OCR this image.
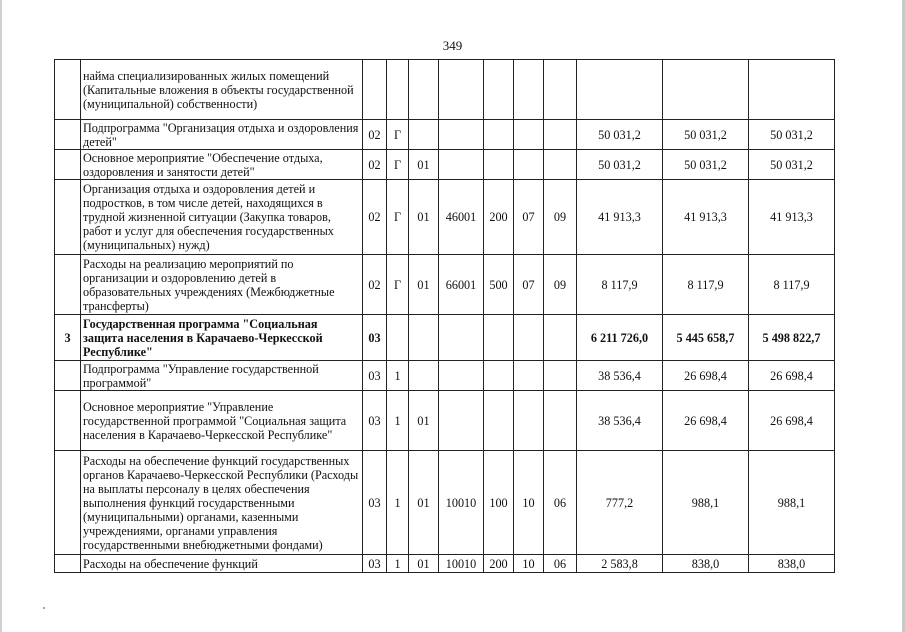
349
	найма специализированных жилых помещений (Капитальные вложения в объекты государственной (муниципальной) собственности)										
	Подпрограмма "Организация отдыха и оздоровления детей"	02	Г						50 031,2	50 031,2	50 031,2
	Основное мероприятие "Обеспечение отдыха, оздоровления и занятости детей"	02	Г	01					50 031,2	50 031,2	50 031,2
	Организация отдыха и оздоровления детей и подростков, в том числе детей, находящихся в трудной жизненной ситуации (Закупка товаров, работ и услуг для обеспечения государственных (муниципальных) нужд)	02	Г	01	46001	200	07	09	41 913,3	41 913,3	41 913,3
	Расходы на реализацию мероприятий по организации и оздоровлению детей в образовательных учреждениях (Межбюджетные трансферты)	02	Г	01	66001	500	07	09	8 117,9	8 117,9	8 117,9
3	Государственная программа "Социальная защита населения в Карачаево-Черкесской Республике"	03							6 211 726,0	5 445 658,7	5 498 822,7
	Подпрограмма "Управление государственной программой"	03	1						38 536,4	26 698,4	26 698,4
	Основное мероприятие "Управление государственной программой "Социальная защита населения в Карачаево-Черкесской Республике"	03	1	01					38 536,4	26 698,4	26 698,4
	Расходы на обеспечение функций государственных органов Карачаево-Черкесской Республики (Расходы на выплаты персоналу в целях обеспечения выполнения функций государственными (муниципальными) органами, казенными учреждениями, органами управления государственными внебюджетными фондами)	03	1	01	10010	100	10	06	777,2	988,1	988,1
	Расходы на обеспечение функций	03	1	01	10010	200	10	06	2 583,8	838,0	838,0
